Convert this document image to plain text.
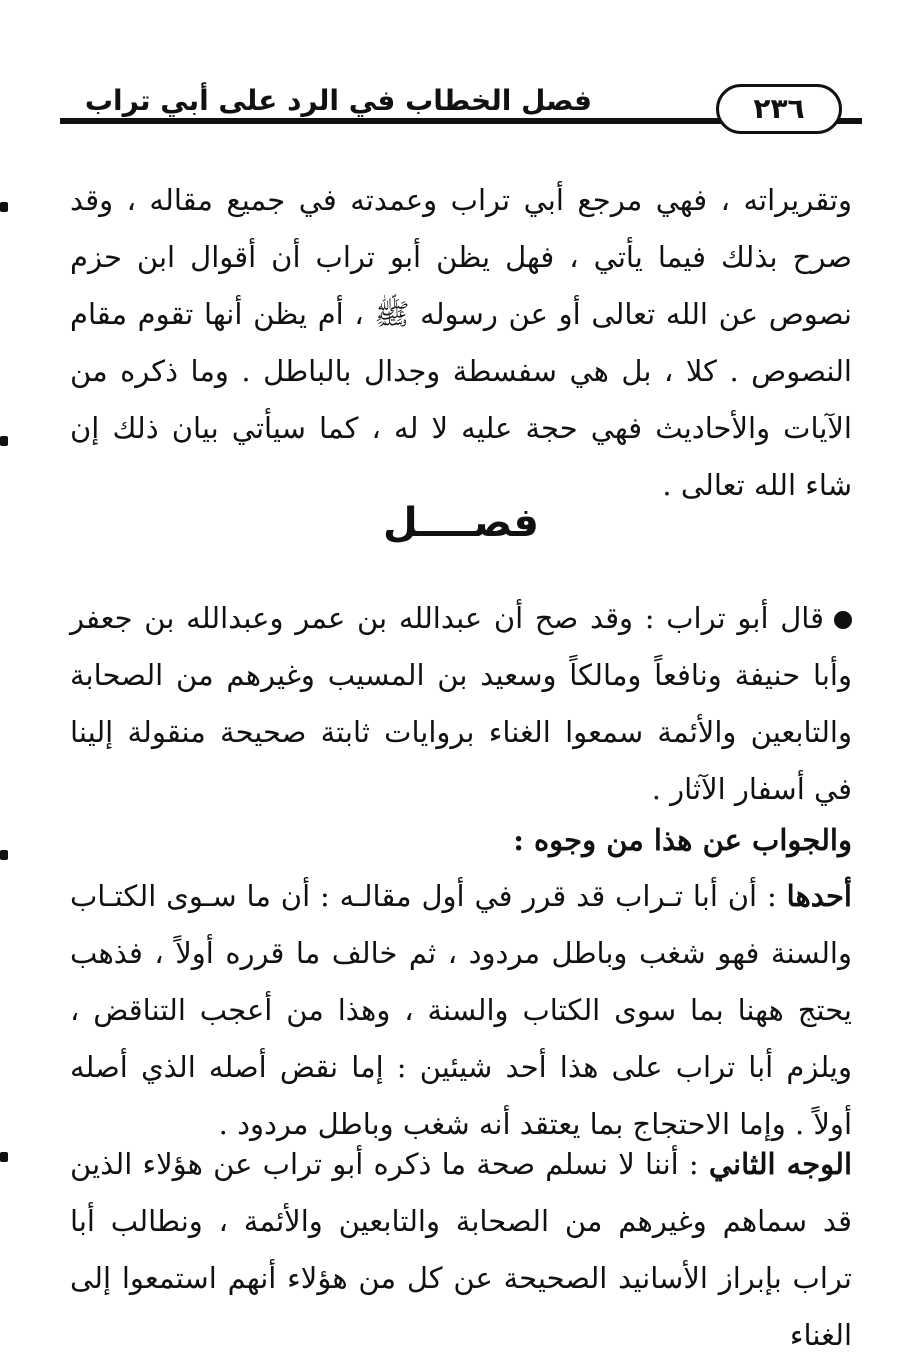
فصل الخطاب في الرد على أبي تراب	٢٣٦
وتقريراته ، فهي مرجع أبي تراب وعمدته في جميع مقاله ، وقد صرح بذلك فيما يأتي ، فهل يظن أبو تراب أن أقوال ابن حزم نصوص عن الله تعالى أو عن رسوله ﷺ ، أم يظن أنها تقوم مقام النصوص . كلا ، بل هي سفسطة وجدال بالباطل . وما ذكره من الآيات والأحاديث فهي حجة عليه لا له ، كما سيأتي بيان ذلك إن شاء الله تعالى .
فصــــل
قال أبو تراب : وقد صح أن عبدالله بن عمر وعبدالله بن جعفر وأبا حنيفة ونافعاً ومالكاً وسعيد بن المسيب وغيرهم من الصحابة والتابعين والأئمة سمعوا الغناء بروايات ثابتة صحيحة منقولة إلينا في أسفار الآثار .
والجواب عن هذا من وجوه :
أحدها : أن أبا تـراب قد قرر في أول مقالـه : أن ما سـوى الكتـاب والسنة فهو شغب وباطل مردود ، ثم خالف ما قرره أولاً ، فذهب يحتج ههنا بما سوى الكتاب والسنة ، وهذا من أعجب التناقض ، ويلزم أبا تراب على هذا أحد شيئين : إما نقض أصله الذي أصله أولاً . وإما الاحتجاج بما يعتقد أنه شغب وباطل مردود .
الوجه الثاني : أننا لا نسلم صحة ما ذكره أبو تراب عن هؤلاء الذين قد سماهم وغيرهم من الصحابة والتابعين والأئمة ، ونطالب أبا تراب بإبراز الأسانيد الصحيحة عن كل من هؤلاء أنهم استمعوا إلى الغناء
